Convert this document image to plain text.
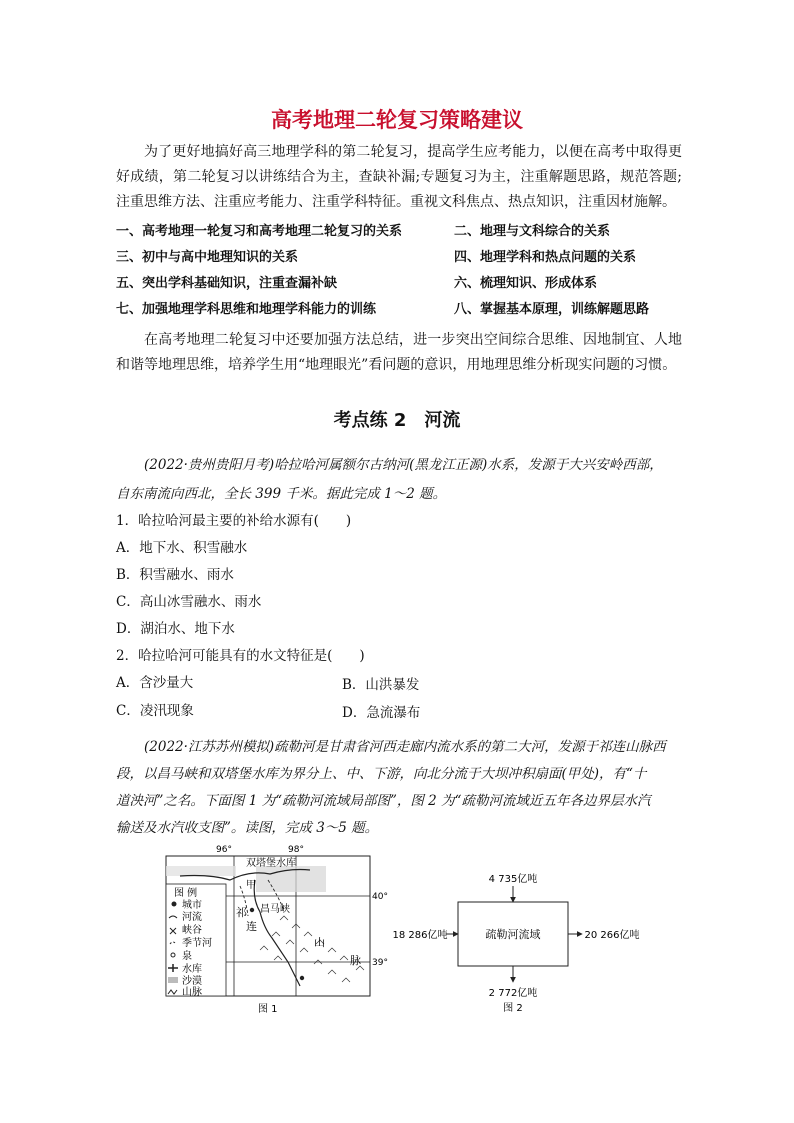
高考地理二轮复习策略建议
为了更好地搞好高三地理学科的第二轮复习，提高学生应考能力，以便在高考中取得更好成绩，第二轮复习以讲练结合为主，查缺补漏;专题复习为主，注重解题思路，规范答题;注重思维方法、注重应考能力、注重学科特征。重视文科焦点、热点知识，注重因材施解。
一、高考地理一轮复习和高考地理二轮复习的关系	二、地理与文科综合的关系
三、初中与高中地理知识的关系	四、地理学科和热点问题的关系
五、突出学科基础知识，注重查漏补缺	六、梳理知识、形成体系
七、加强地理学科思维和地理学科能力的训练	八、掌握基本原理，训练解题思路
在高考地理二轮复习中还要加强方法总结，进一步突出空间综合思维、因地制宜、人地和谐等地理思维，培养学生用“地理眼光”看问题的意识，用地理思维分析现实问题的习惯。
考点练 2　河流
(2022·贵州贵阳月考)哈拉哈河属额尔古纳河(黑龙江正源)水系，发源于大兴安岭西部，
自东南流向西北，全长 399 千米。据此完成 1～2 题。
1．哈拉哈河最主要的补给水源有(　　)
A．地下水、积雪融水
B．积雪融水、雨水
C．高山冰雪融水、雨水
D．湖泊水、地下水
2．哈拉哈河可能具有的水文特征是(　　)
A．含沙量大	B．山洪暴发
C．凌汛现象	D．急流瀑布
(2022·江苏苏州模拟)疏勒河是甘肃省河西走廊内流水系的第二大河，发源于祁连山脉西
段，以昌马峡和双塔堡水库为界分上、中、下游，向北分流于大坝冲积扇面(甲处)，有“十
道泱河”之名。下面图 1 为“疏勒河流域局部图”，图 2 为“疏勒河流域近五年各边界层水汽
输送及水汽收支图”。读图，完成 3～5 题。
96°	98°
40°
39°
双塔堡水库
甲
昌马峡
祁
连
山
脉
图 例
城市
河流
峡谷
季节河
泉
水库
沙漠
山脉
图 1
疏勒河流域
4 735亿吨
18 286亿吨	20 266亿吨
2 772亿吨
图 2
